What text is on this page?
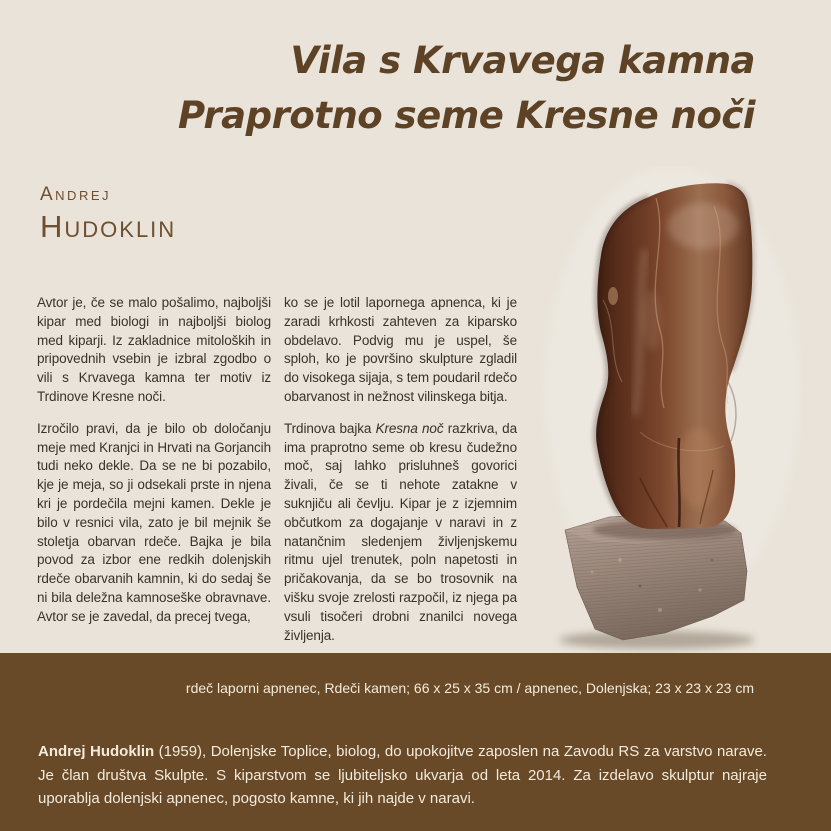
Vila s Krvavega kamna
Praprotno seme Kresne noči
Andrej
Hudoklin

Avtor je, če se malo pošalimo, najboljši kipar med biologi in najboljši biolog med kiparji. Iz zakladnice mitoloških in pripovednih vsebin je izbral zgodbo o vili s Krvavega kamna ter motiv iz Trdinove Kresne noči.

Izročilo pravi, da je bilo ob določanju meje med Kranjci in Hrvati na Gorjancih tudi neko dekle. Da se ne bi pozabilo, kje je meja, so ji odsekali prste in njena kri je pordečila mejni kamen. Dekle je bilo v resnici vila, zato je bil mejnik še stoletja obarvan rdeče. Bajka je bila povod za izbor ene redkih dolenjskih rdeče obarvanih kamnin, ki do sedaj še ni bila deležna kamnoseške obravnave. Avtor se je zavedal, da precej tvega,

ko se je lotil lapornega apnenca, ki je zaradi krhkosti zahteven za kiparsko obdelavo. Podvig mu je uspel, še sploh, ko je površino skulpture zgladil do visokega sijaja, s tem poudaril rdečo obarvanost in nežnost vilinskega bitja.

Trdinova bajka Kresna noč razkriva, da ima praprotno seme ob kresu čudežno moč, saj lahko prisluhneš govorici živali, če se ti nehote zatakne v suknjiču ali čevlju. Kipar je z izjemnim občutkom za dogajanje v naravi in z natančnim sledenjem življenjskemu ritmu ujel trenutek, poln napetosti in pričakovanja, da se bo trosovnik na višku svoje zrelosti razpočil, iz njega pa vsuli tisočeri drobni znanilci novega življenja.

rdeč laporni apnenec, Rdeči kamen; 66 x 25 x 35 cm / apnenec, Dolenjska; 23 x 23 x 23 cm
Andrej Hudoklin (1959), Dolenjske Toplice, biolog, do upokojitve zaposlen na Zavodu RS za varstvo narave. Je član društva Skulpte. S kiparstvom se ljubiteljsko ukvarja od leta 2014. Za izdelavo skulptur najraje uporablja dolenjski apnenec, pogosto kamne, ki jih najde v naravi.
